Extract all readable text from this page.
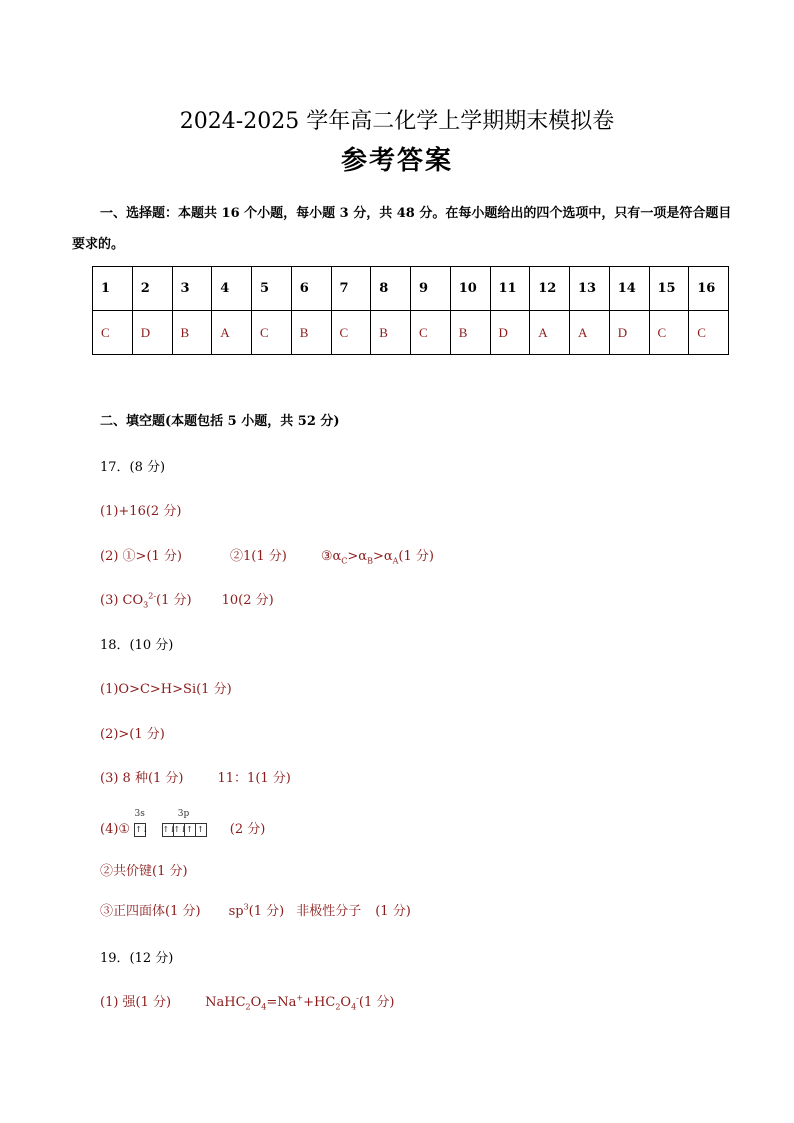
2024-2025 学年高二化学上学期期末模拟卷
参考答案
一、选择题：本题共 16 个小题，每小题 3 分，共 48 分。在每小题给出的四个选项中，只有一项是符合题目要求的。
1	2	3	4	5	6	7	8	9	10	11	12	13	14	15	16
C	D	B	A	C	B	C	B	C	B	D	A	A	D	C	C
二、填空题(本题包括 5 小题，共 52 分)
17．(8 分)
(1)+16(2 分)
(2) ①>(1 分)	②1(1 分)	$③\alpha_C>\alpha_B>\alpha_A(1$ 分)
(3) $CO_3^{2-}(1$ 分) 10(2 分)
18．(10 分)
(1)O>C>H>Si(1 分)
(2)>(1 分)
(3) 8 种(1 分)	11：1(1 分)
(4)①
3s
↑↓
3p
↑↓↑↓↑ ↑ (2 分)
②共价键(1 分)
③正四面体(1 分) $sp^3(1$ 分) 非极性分子 (1 分)
19．(12 分)
(1) 强(1 分)	$NaHC_2O_4=Na^++HC_2O_4^-(1$ 分)
